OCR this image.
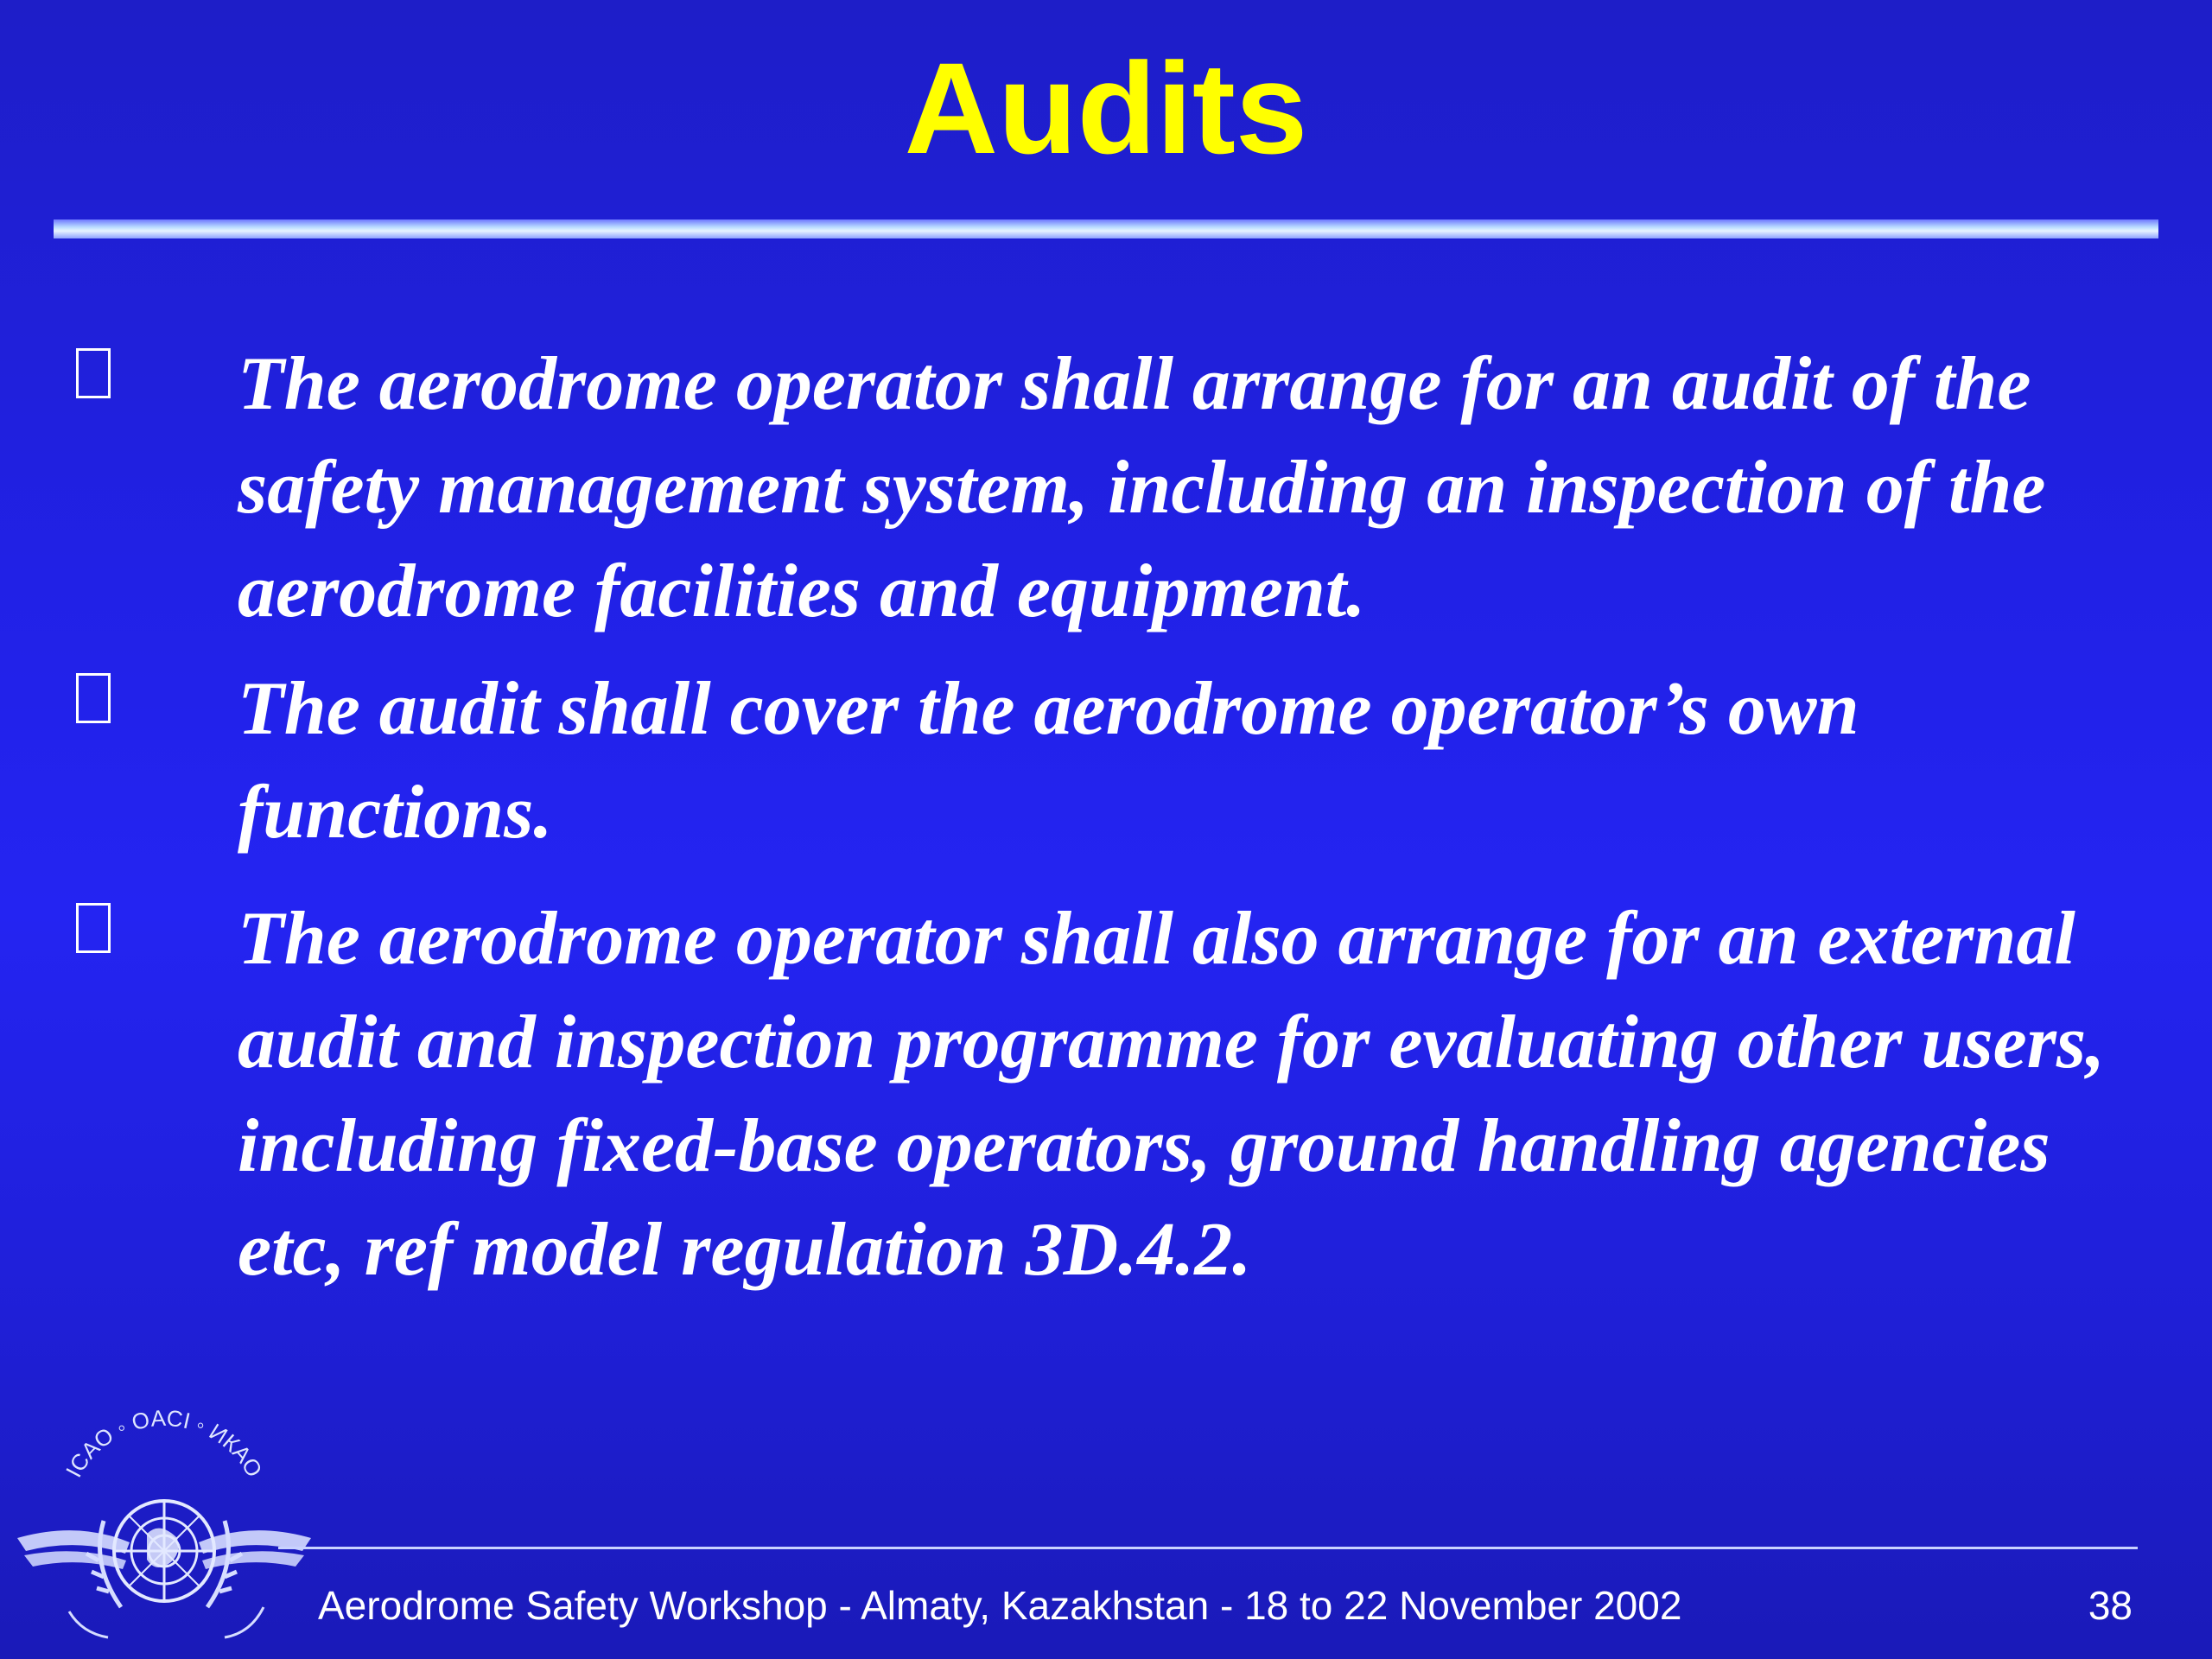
Audits
The aerodrome operator shall arrange for an audit of the safety management system, including an inspection of the aerodrome facilities and equipment.
The audit shall cover the aerodrome operator’s own functions.
The aerodrome operator shall also arrange for an external audit and inspection programme for evaluating other users, including fixed-base operators, ground handling agencies etc, ref model regulation 3D.4.2.
ICAO ◦ OACI ◦ ИКАО
Aerodrome Safety Workshop - Almaty, Kazakhstan - 18 to 22 November 2002	38
